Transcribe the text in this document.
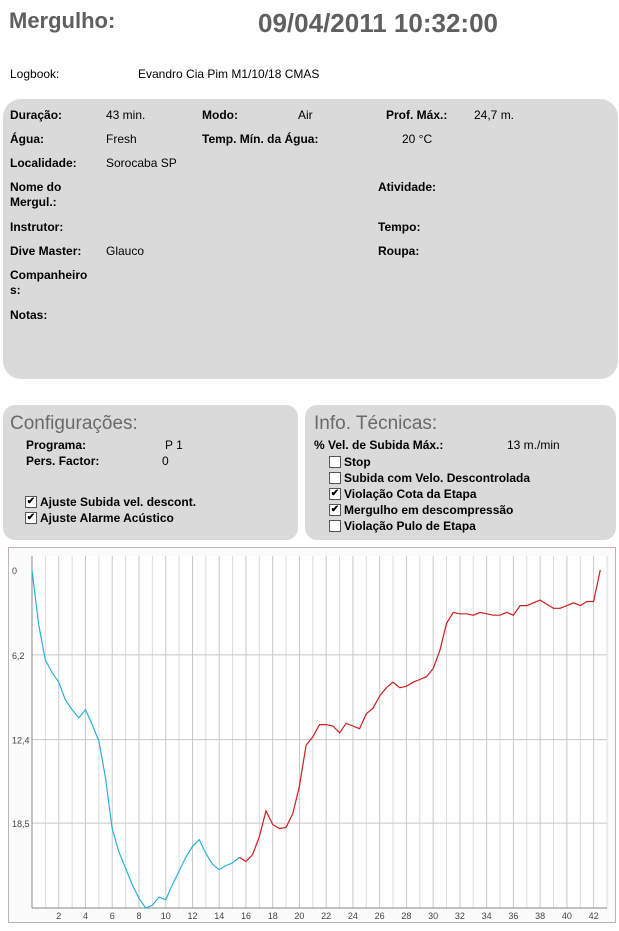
Mergulho:	09/04/2011 10:32:00
Logbook:	Evandro Cia Pim M1/10/18 CMAS
Duração:	43 min.	Modo:	Air	Prof. Máx.: 24,7 m.
Água:	Fresh	Temp. Mín. da Água:	20 °C
Localidade: Sorocaba SP
Nome do
Mergul.:
Atividade:
Instrutor:	Tempo:
Dive Master: Glauco	Roupa:
Companheiro
s:
Notas:
Configurações:
Programa:	P 1
Pers. Factor:	0
✔ Ajuste Subida vel. descont.
✔ Ajuste Alarme Acústico
Info. Técnicas:
% Vel. de Subida Máx.:	13 m./min
Stop
Subida com Velo. Descontrolada
✔ Violação Cota da Etapa
✔ Mergulho em descompressão
Violação Pulo de Etapa
0
6,2
12,4
18,5
2 4 6 8 10 12 14 16 18 20 22 24 26 28 30 32 34 36 38 40 42
